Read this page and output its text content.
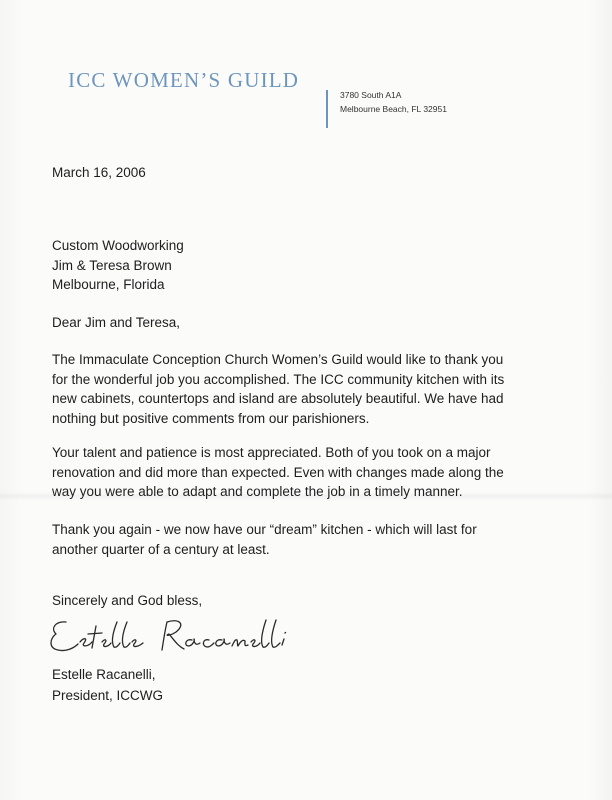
ICC WOMEN’S GUILD
3780 South A1A
Melbourne Beach, FL 32951
March 16, 2006
Custom Woodworking
Jim & Teresa Brown
Melbourne, Florida
Dear Jim and Teresa,
The Immaculate Conception Church Women’s Guild would like to thank you
for the wonderful job you accomplished. The ICC community kitchen with its
new cabinets, countertops and island are absolutely beautiful. We have had
nothing but positive comments from our parishioners.
Your talent and patience is most appreciated. Both of you took on a major
renovation and did more than expected. Even with changes made along the
way you were able to adapt and complete the job in a timely manner.
Thank you again - we now have our “dream” kitchen - which will last for
another quarter of a century at least.
Sincerely and God bless,
Estelle Racanelli,
President, ICCWG
